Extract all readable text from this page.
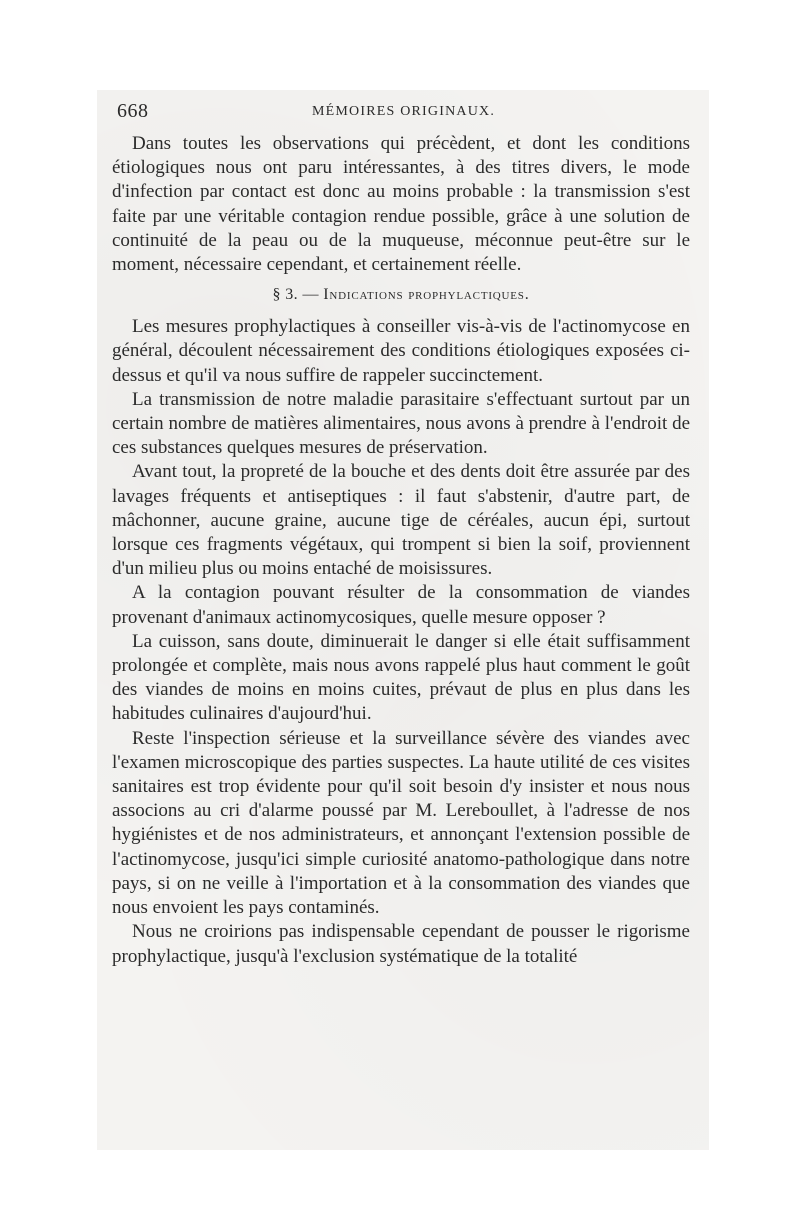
668	MÉMOIRES ORIGINAUX.

Dans toutes les observations qui précèdent, et dont les conditions étiologiques nous ont paru intéressantes, à des titres divers, le mode d'infection par contact est donc au moins probable : la transmission s'est faite par une véritable contagion rendue possible, grâce à une solution de continuité de la peau ou de la muqueuse, méconnue peut-être sur le moment, nécessaire cependant, et certainement réelle.

§ 3. — Indications prophylactiques.

Les mesures prophylactiques à conseiller vis-à-vis de l'actinomycose en général, découlent nécessairement des conditions étiologiques exposées ci-dessus et qu'il va nous suffire de rappeler succinctement.

La transmission de notre maladie parasitaire s'effectuant surtout par un certain nombre de matières alimentaires, nous avons à prendre à l'endroit de ces substances quelques mesures de préservation.

Avant tout, la propreté de la bouche et des dents doit être assurée par des lavages fréquents et antiseptiques : il faut s'abstenir, d'autre part, de mâchonner, aucune graine, aucune tige de céréales, aucun épi, surtout lorsque ces fragments végétaux, qui trompent si bien la soif, proviennent d'un milieu plus ou moins entaché de moisissures.

A la contagion pouvant résulter de la consommation de viandes provenant d'animaux actinomycosiques, quelle mesure opposer ?

La cuisson, sans doute, diminuerait le danger si elle était suffisamment prolongée et complète, mais nous avons rappelé plus haut comment le goût des viandes de moins en moins cuites, prévaut de plus en plus dans les habitudes culinaires d'aujourd'hui.

Reste l'inspection sérieuse et la surveillance sévère des viandes avec l'examen microscopique des parties suspectes. La haute utilité de ces visites sanitaires est trop évidente pour qu'il soit besoin d'y insister et nous nous associons au cri d'alarme poussé par M. Lereboullet, à l'adresse de nos hygiénistes et de nos administrateurs, et annonçant l'extension possible de l'actinomycose, jusqu'ici simple curiosité anatomo-pathologique dans notre pays, si on ne veille à l'importation et à la consommation des viandes que nous envoient les pays contaminés.

Nous ne croirions pas indispensable cependant de pousser le rigorisme prophylactique, jusqu'à l'exclusion systématique de la totalité
